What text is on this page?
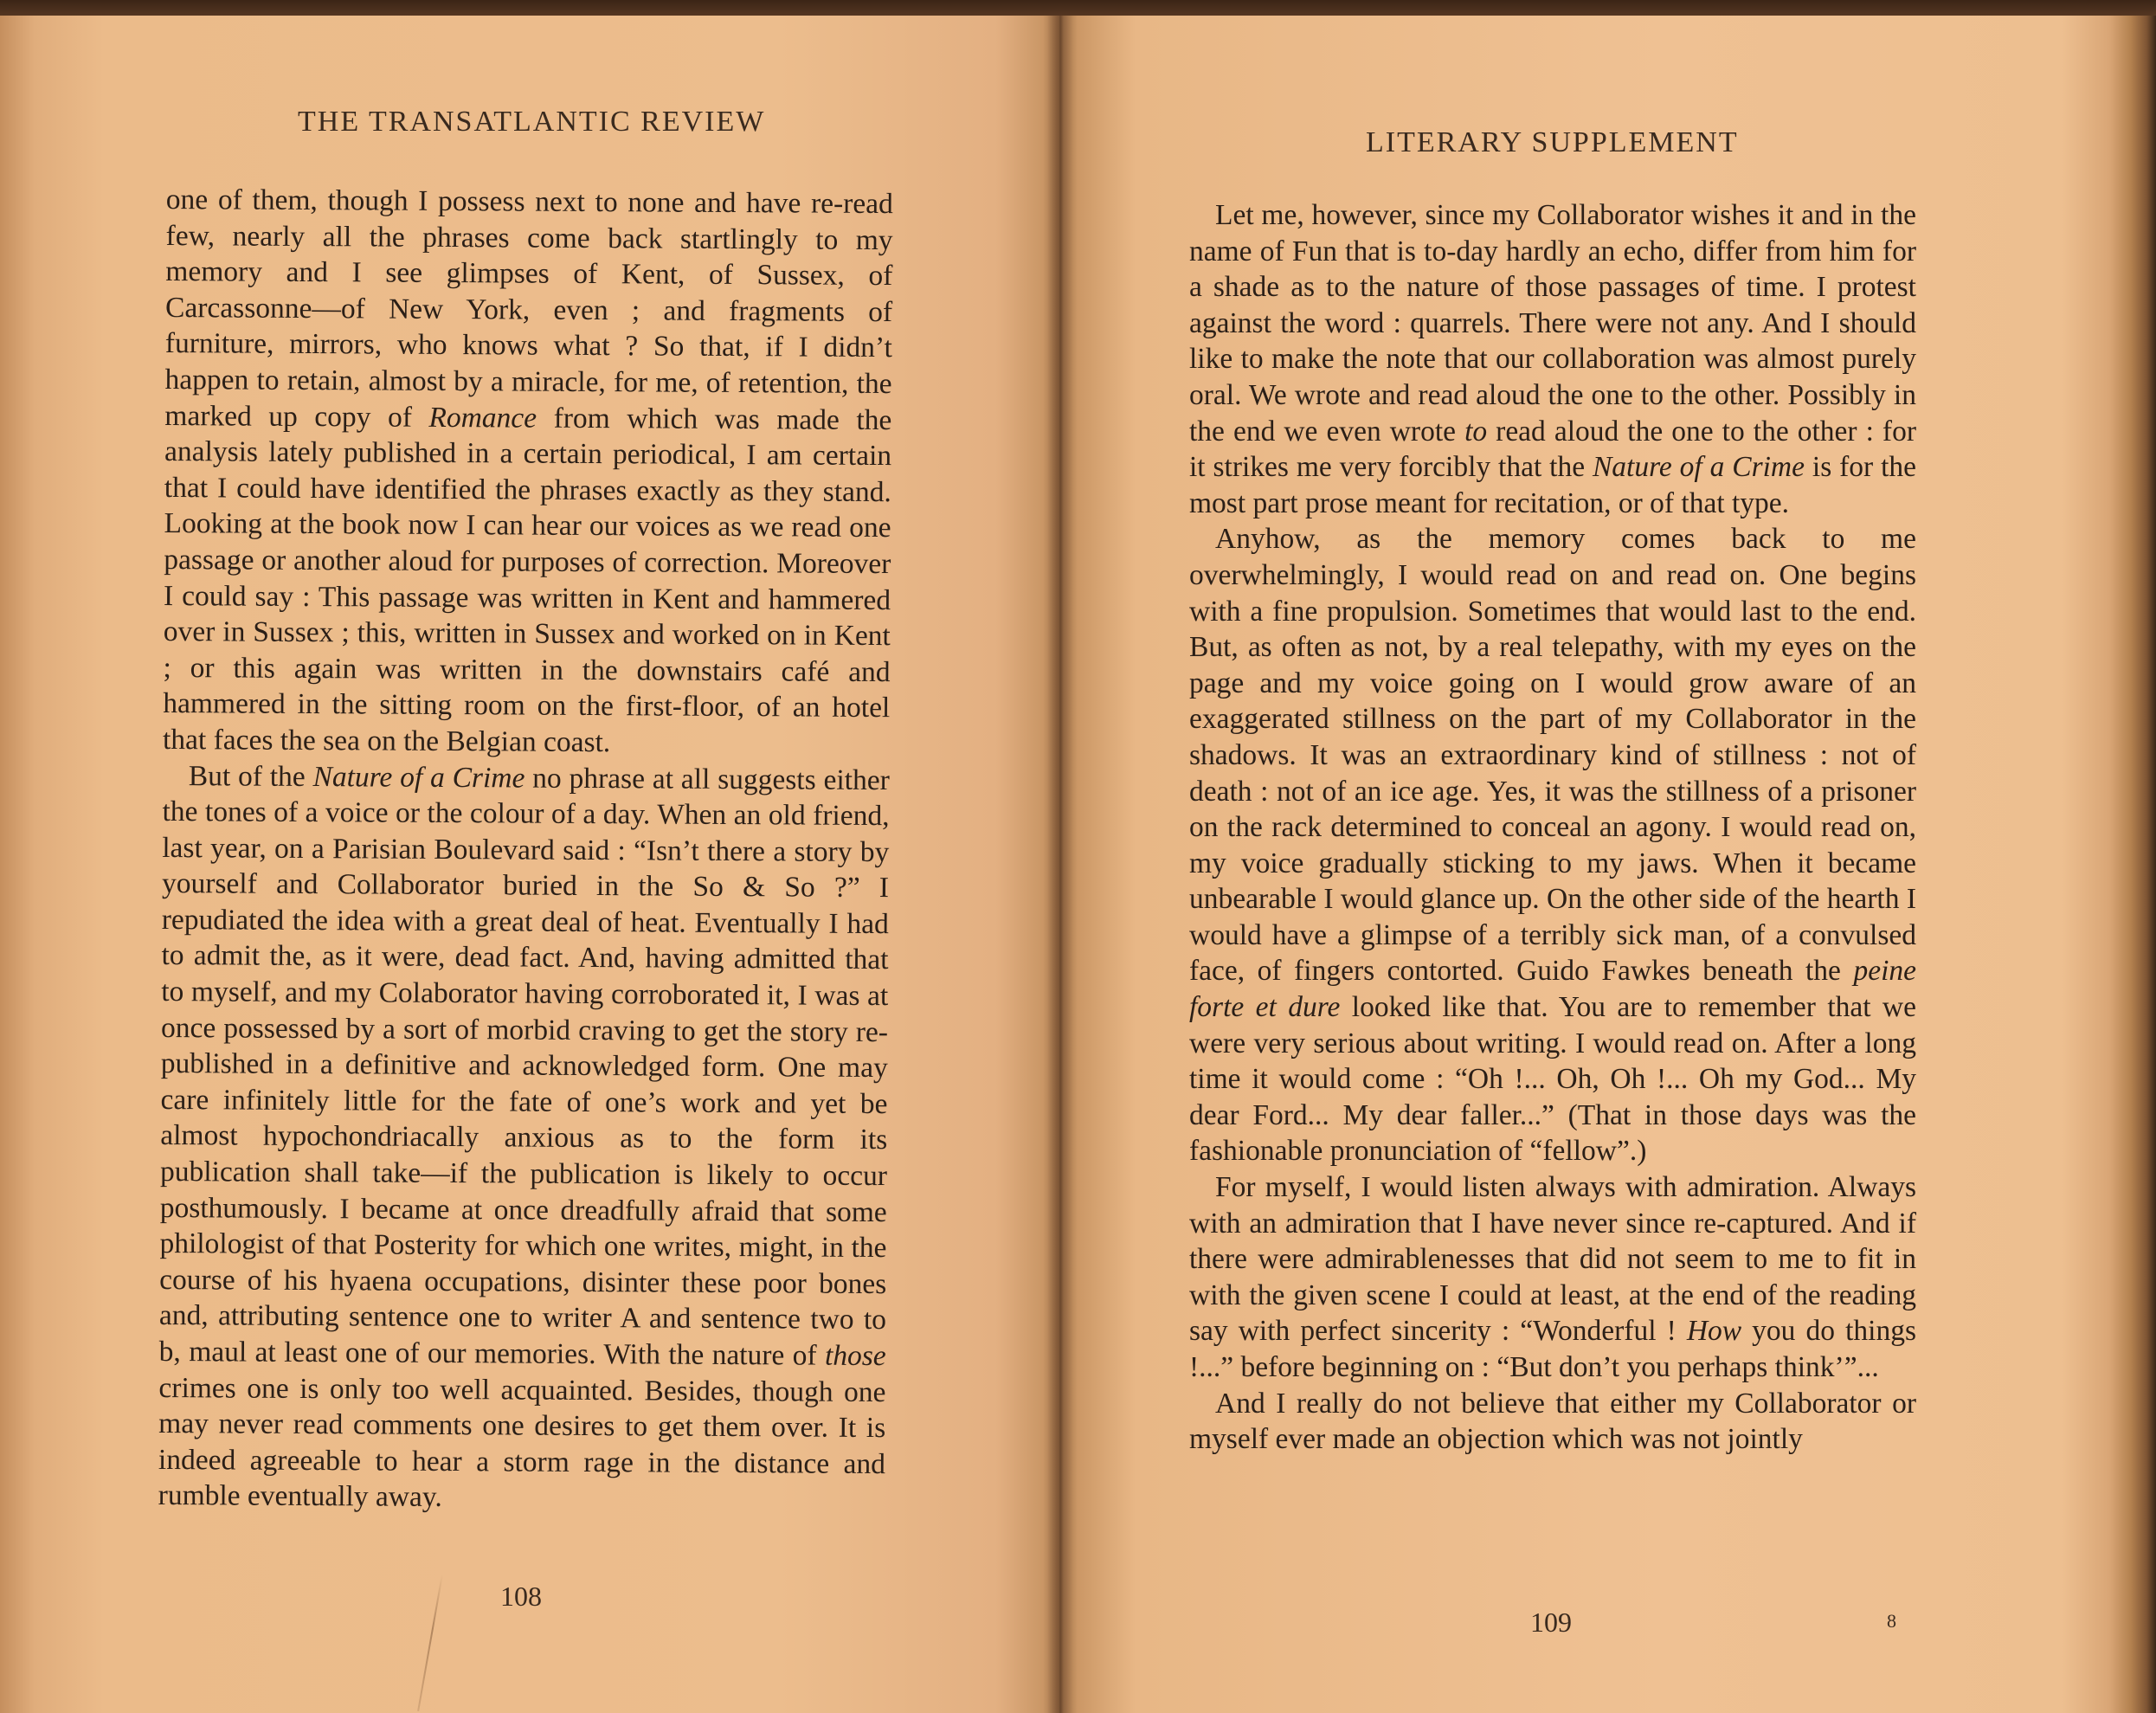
THE TRANSATLANTIC REVIEW

one of them, though I possess next to none and have re-read few, nearly all the phrases come back startlingly to my memory and I see glimpses of Kent, of Sussex, of Carcassonne—of New York, even ; and fragments of furniture, mirrors, who knows what ? So that, if I didn’t happen to retain, almost by a miracle, for me, of retention, the marked up copy of Romance from which was made the analysis lately published in a certain periodical, I am certain that I could have identified the phrases exactly as they stand. Looking at the book now I can hear our voices as we read one passage or another aloud for purposes of correction. Moreover I could say : This passage was written in Kent and hammered over in Sussex ; this, written in Sussex and worked on in Kent ; or this again was written in the downstairs café and hammered in the sitting room on the first-floor, of an hotel that faces the sea on the Belgian coast.

But of the Nature of a Crime no phrase at all suggests either the tones of a voice or the colour of a day. When an old friend, last year, on a Parisian Boulevard said : “Isn’t there a story by yourself and Collaborator buried in the So & So ?” I repudiated the idea with a great deal of heat. Eventually I had to admit the, as it were, dead fact. And, having admitted that to myself, and my Colaborator having corroborated it, I was at once possessed by a sort of morbid craving to get the story re-published in a definitive and acknowledged form. One may care infinitely little for the fate of one’s work and yet be almost hypochondriacally anxious as to the form its publication shall take—if the publication is likely to occur posthumously. I became at once dreadfully afraid that some philologist of that Posterity for which one writes, might, in the course of his hyaena occupations, disinter these poor bones and, attributing sentence one to writer A and sentence two to b, maul at least one of our memories. With the nature of those crimes one is only too well acquainted. Besides, though one may never read comments one desires to get them over. It is indeed agreeable to hear a storm rage in the distance and rumble eventually away.

108
LITERARY SUPPLEMENT

Let me, however, since my Collaborator wishes it and in the name of Fun that is to-day hardly an echo, differ from him for a shade as to the nature of those passages of time. I protest against the word : quarrels. There were not any. And I should like to make the note that our collaboration was almost purely oral. We wrote and read aloud the one to the other. Possibly in the end we even wrote to read aloud the one to the other : for it strikes me very forcibly that the Nature of a Crime is for the most part prose meant for recitation, or of that type.

Anyhow, as the memory comes back to me overwhelmingly, I would read on and read on. One begins with a fine propulsion. Sometimes that would last to the end. But, as often as not, by a real telepathy, with my eyes on the page and my voice going on I would grow aware of an exaggerated stillness on the part of my Collaborator in the shadows. It was an extraordinary kind of stillness : not of death : not of an ice age. Yes, it was the stillness of a prisoner on the rack determined to conceal an agony. I would read on, my voice gradually sticking to my jaws. When it became unbearable I would glance up. On the other side of the hearth I would have a glimpse of a terribly sick man, of a convulsed face, of fingers contorted. Guido Fawkes beneath the peine forte et dure looked like that. You are to remember that we were very serious about writing. I would read on. After a long time it would come : “Oh !... Oh, Oh !... Oh my God... My dear Ford... My dear faller...” (That in those days was the fashionable pronunciation of “fellow”.)

For myself, I would listen always with admiration. Always with an admiration that I have never since re-captured. And if there were admirablenesses that did not seem to me to fit in with the given scene I could at least, at the end of the reading say with perfect sincerity : “Wonderful ! How you do things !...” before beginning on : “But don’t you perhaps think’”...

And I really do not believe that either my Collaborator or myself ever made an objection which was not jointly

109	8
